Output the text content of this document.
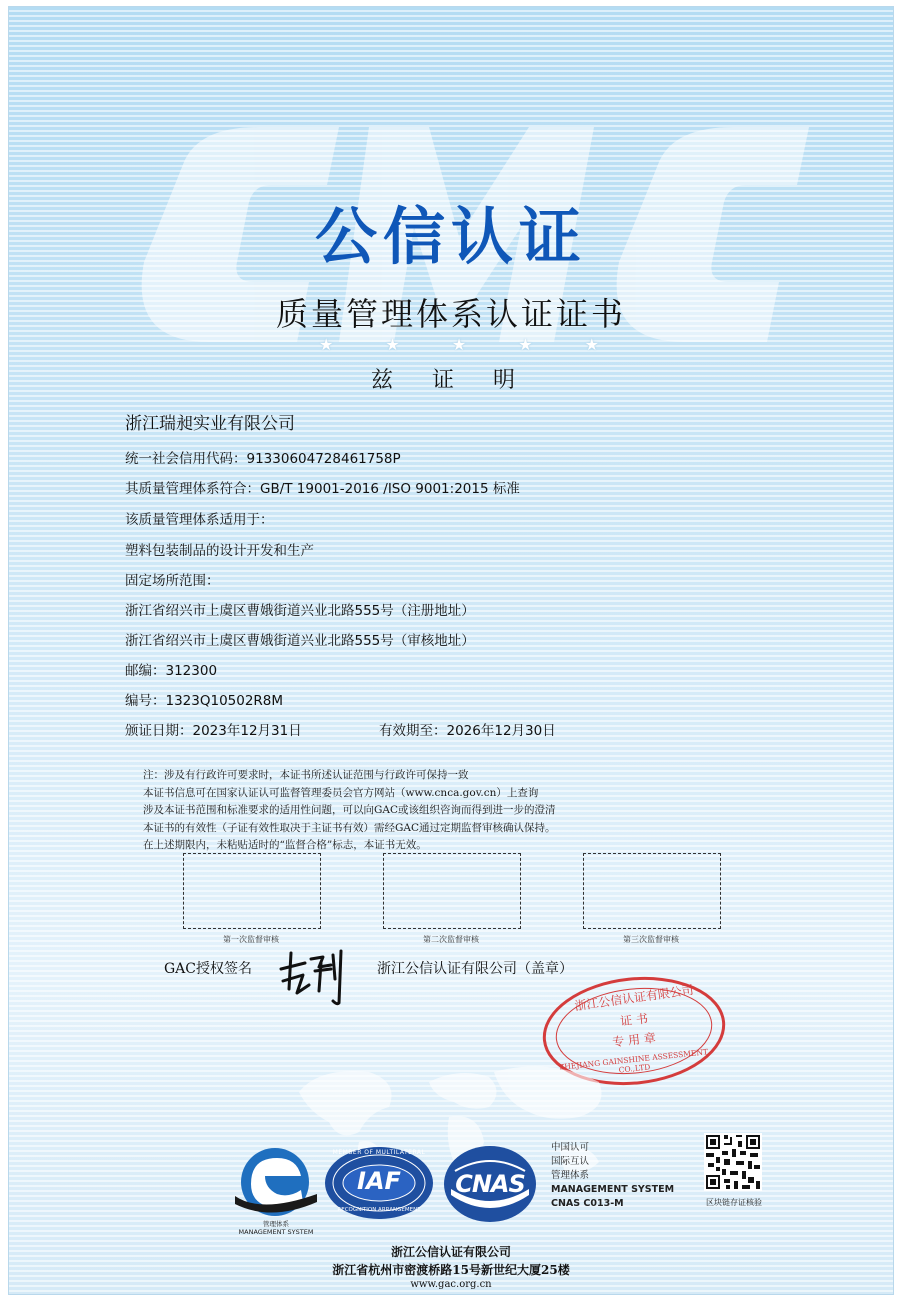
★	★	★	★	★
公信认证
质量管理体系认证证书
兹 证 明
浙江瑞昶实业有限公司
统一社会信用代码：91330604728461758P
其质量管理体系符合：GB/T 19001-2016 /ISO 9001:2015 标准
该质量管理体系适用于：
塑料包装制品的设计开发和生产
固定场所范围：
浙江省绍兴市上虞区曹娥街道兴业北路555号（注册地址）
浙江省绍兴市上虞区曹娥街道兴业北路555号（审核地址）
邮编：312300
编号：1323Q10502R8M
颁证日期：2023年12月31日	有效期至：2026年12月30日
注：涉及有行政许可要求时，本证书所述认证范围与行政许可保持一致
本证书信息可在国家认证认可监督管理委员会官方网站（www.cnca.gov.cn）上查询
涉及本证书范围和标准要求的适用性问题，可以向GAC或该组织咨询而得到进一步的澄清
本证书的有效性（子证有效性取决于主证书有效）需经GAC通过定期监督审核确认保持。
在上述期限内，未粘贴适时的“监督合格”标志，本证书无效。
第一次监督审核	第二次监督审核	第三次监督审核
GAC授权签名	浙江公信认证有限公司（盖章）
浙江公信认证有限公司
证 书
专 用 章
ZHEJIANG GAINSHINE ASSESSMENT CO.,LTD
管理体系
MANAGEMENT SYSTEM
MEMBER OF MULTILATERAL
IAF
RECOGNITION ARRANGEMENT
CNAS
中国认可
国际互认
管理体系
MANAGEMENT SYSTEM
CNAS C013-M	区块链存证核验
浙江公信认证有限公司
浙江省杭州市密渡桥路15号新世纪大厦25楼
www.gac.org.cn
